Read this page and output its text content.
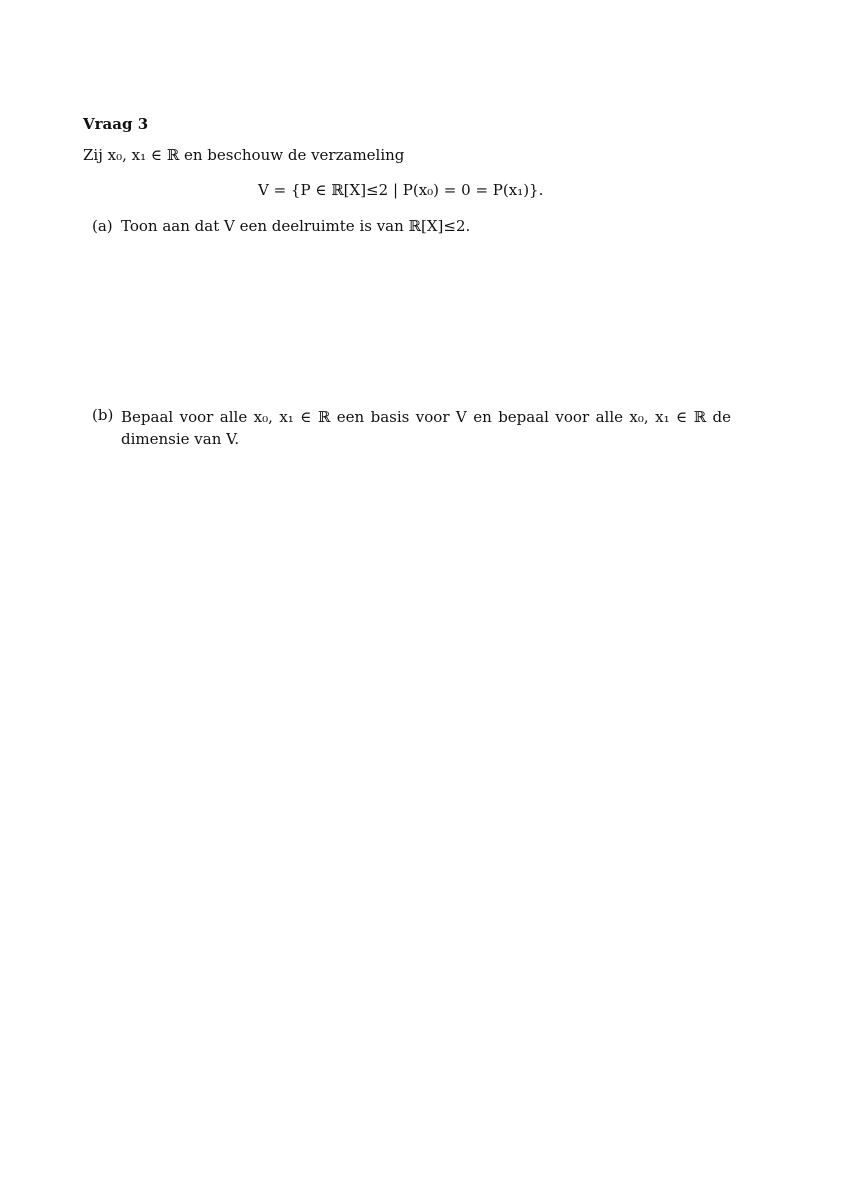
Vraag 3
Zij x₀, x₁ ∈ ℝ en beschouw de verzameling
V = {P ∈ ℝ[X]≤2 | P(x₀) = 0 = P(x₁)}.
(a) Toon aan dat V een deelruimte is van ℝ[X]≤2.
(b) Bepaal voor alle x₀, x₁ ∈ ℝ een basis voor V en bepaal voor alle x₀, x₁ ∈ ℝ de dimensie van V.
